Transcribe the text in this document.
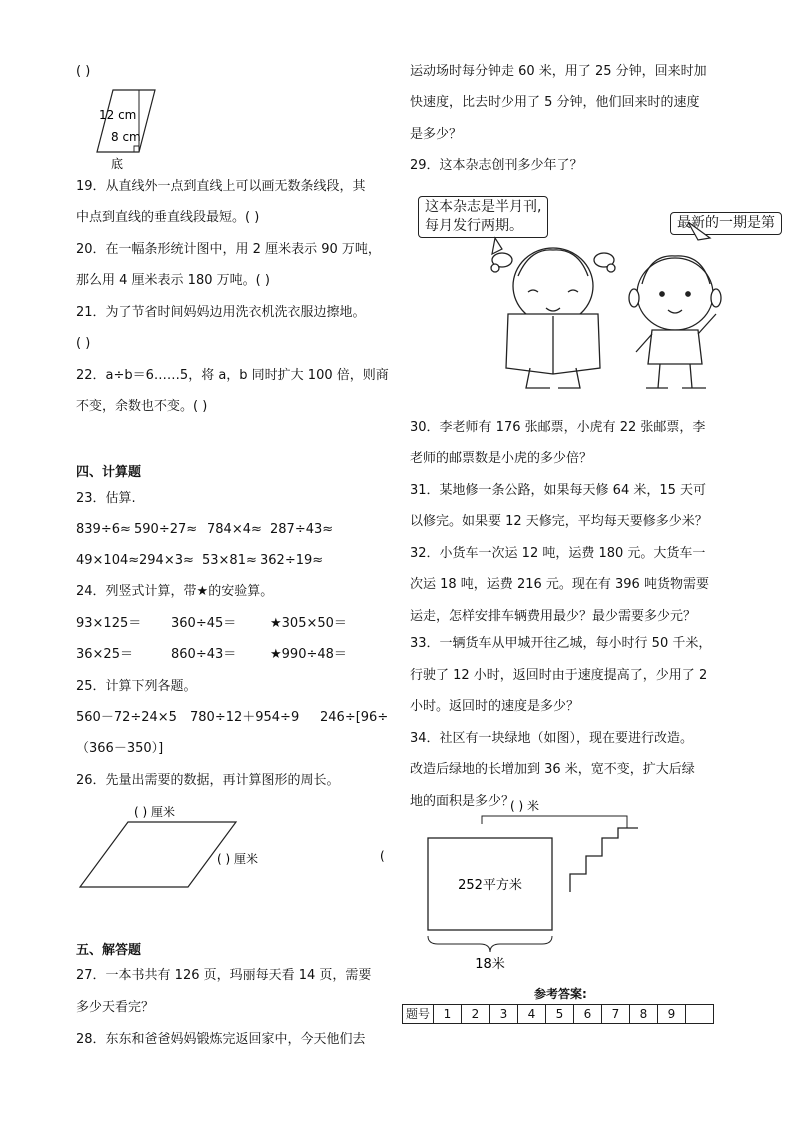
( )
12 cm
8 cm
底
19．从直线外一点到直线上可以画无数条线段，其
中点到直线的垂直线段最短。( )
20．在一幅条形统计图中，用 2 厘米表示 90 万吨，
那么用 4 厘米表示 180 万吨。( )
21．为了节省时间妈妈边用洗衣机洗衣服边擦地。
( )
22．a÷b＝6……5，将 a，b 同时扩大 100 倍，则商
不变，余数也不变。( )
四、计算题
23．估算.
839÷6≈ 590÷27≈ 784×4≈ 287÷43≈
49×104≈ 294×3≈ 53×81≈ 362÷19≈
24．列竖式计算，带★的安验算。
93×125＝ 360÷45＝	★305×50＝
36×25＝	860÷43＝	★990÷48＝
25．计算下列各题。
560－72÷24×5 780÷12＋954÷9 246÷[96÷
（366－350）]
26．先量出需要的数据，再计算图形的周长。
( ) 厘米
( ) 厘米	(
五、解答题
27．一本书共有 126 页，玛丽每天看 14 页，需要
多少天看完？
28．东东和爸爸妈妈锻炼完返回家中，今天他们去
运动场时每分钟走 60 米，用了 25 分钟，回来时加
快速度，比去时少用了 5 分钟，他们回来时的速度
是多少？
29．这本杂志创刊多少年了？
这本杂志是半月刊,
每月发行两期。	最新的一期是第
30．李老师有 176 张邮票，小虎有 22 张邮票，李
老师的邮票数是小虎的多少倍？
31．某地修一条公路，如果每天修 64 米，15 天可
以修完。如果要 12 天修完，平均每天要修多少米？
32．小货车一次运 12 吨，运费 180 元。大货车一
次运 18 吨，运费 216 元。现在有 396 吨货物需要
运走，怎样安排车辆费用最少？最少需要多少元？
33．一辆货车从甲城开往乙城，每小时行 50 千米，
行驶了 12 小时，返回时由于速度提高了，少用了 2
小时。返回时的速度是多少？
34．社区有一块绿地（如图），现在要进行改造。
改造后绿地的长增加到 36 米，宽不变，扩大后绿
地的面积是多少？
( ) 米
252平方米
18米
参考答案:
题号	1	2	3	4	5	6	7	8	9	
